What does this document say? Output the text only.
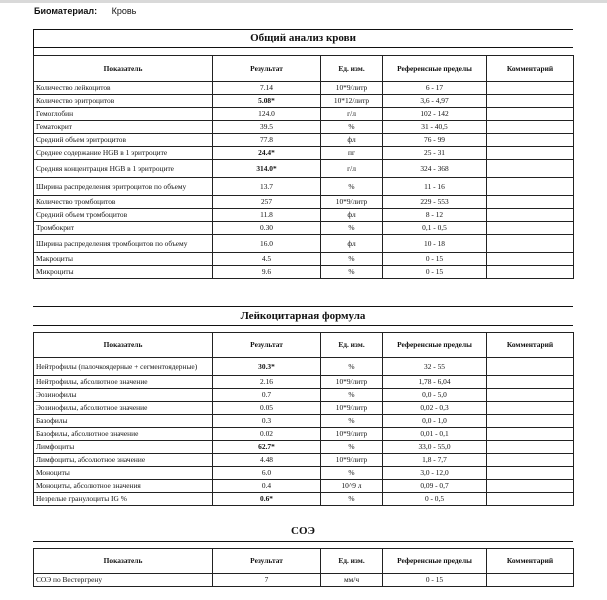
Биоматериал: Кровь
Общий анализ крови
Показатель	Результат	Ед. изм.	Референсные пределы	Комментарий
Количество лейкоцитов	7.14	10*9/литр	6 - 17	
Количество эритроцитов	5.08*	10*12/литр	3,6 - 4,97	
Гемоглобин	124.0	г/л	102 - 142	
Гематокрит	39.5	%	31 - 40,5	
Средний объем эритроцитов	77.8	фл	76 - 99	
Среднее содержание HGB в 1 эритроците	24.4*	пг	25 - 31	
Средняя концентрация HGB в 1 эритроците	314.0*	г/л	324 - 368	
Ширина распределения эритроцитов по объему	13.7	%	11 - 16	
Количество тромбоцитов	257	10*9/литр	229 - 553	
Средний объем тромбоцитов	11.8	фл	8 - 12	
Тромбокрит	0.30	%	0,1 - 0,5	
Ширина распределения тромбоцитов по объему	16.0	фл	10 - 18	
Макроциты	4.5	%	0 - 15	
Микроциты	9.6	%	0 - 15	
Лейкоцитарная формула
Показатель	Результат	Ед. изм.	Референсные пределы	Комментарий
Нейтрофилы (палочкоядерные + сегментоядерные)	30.3*	%	32 - 55	
Нейтрофилы, абсолютное значение	2.16	10*9/литр	1,78 - 6,04	
Эозинофилы	0.7	%	0,0 - 5,0	
Эозинофилы, абсолютное значение	0.05	10*9/литр	0,02 - 0,3	
Базофилы	0.3	%	0,0 - 1,0	
Базофилы, абсолютное значение	0.02	10*9/литр	0,01 - 0,1	
Лимфоциты	62.7*	%	33,0 - 55,0	
Лимфоциты, абсолютное значение	4.48	10*9/литр	1,8 - 7,7	
Моноциты	6.0	%	3,0 - 12,0	
Моноциты, абсолютное значения	0.4	10^9 л	0,09 - 0,7	
Незрелые гранулоциты IG %	0.6*	%	0 - 0,5	
СОЭ
Показатель	Результат	Ед. изм.	Референсные пределы	Комментарий
СОЭ по Вестергрену	7	мм/ч	0 - 15	
